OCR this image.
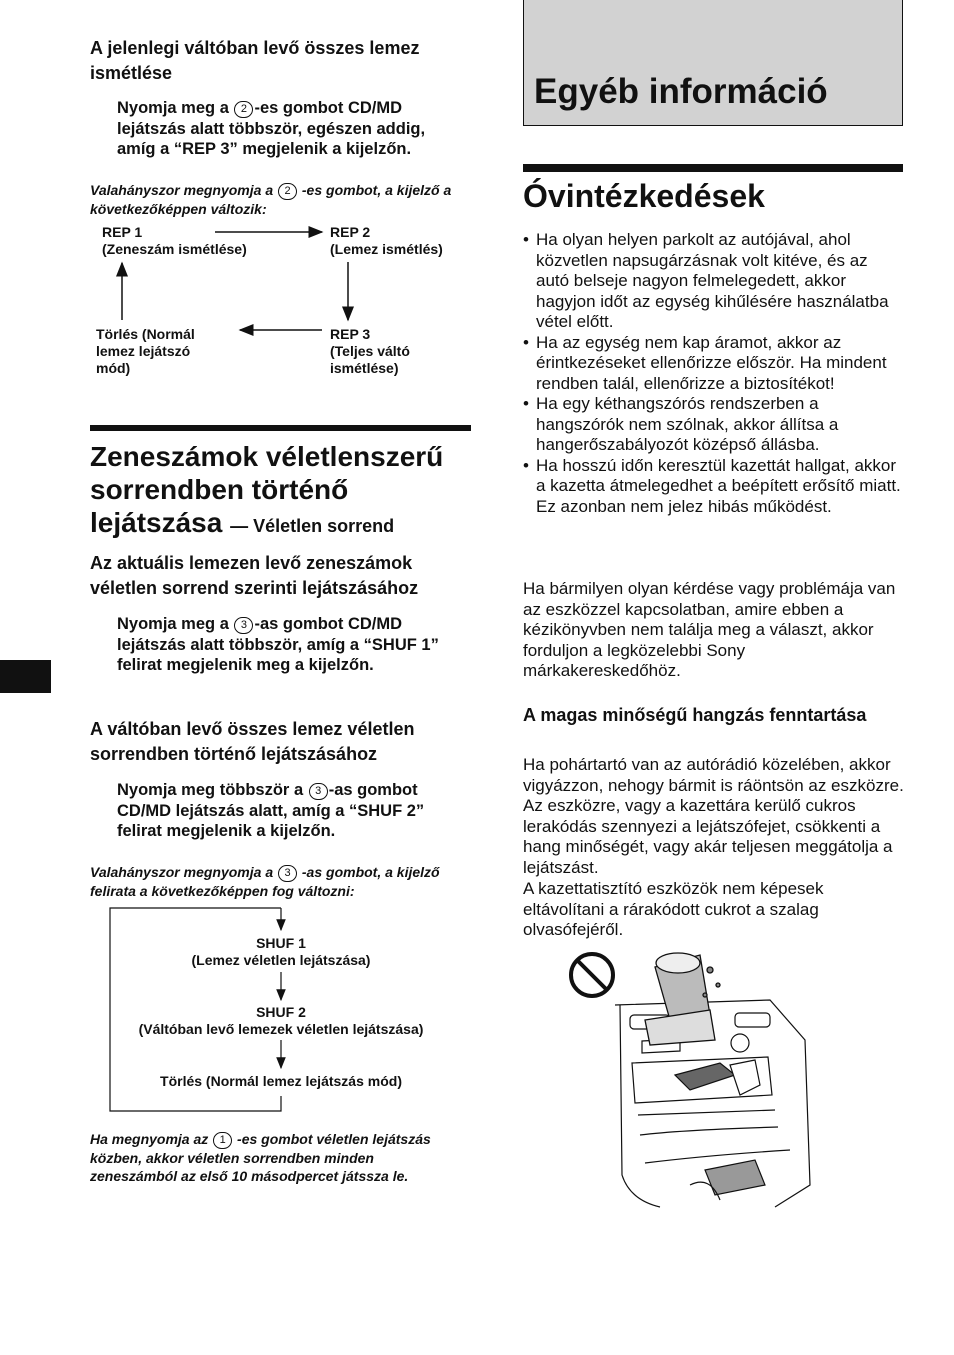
A jelenlegi váltóban levő összes lemez ismétlése
Nyomja meg a 2 -es gombot CD/MD lejátszás alatt többször, egészen addig, amíg a “REP 3” megjelenik a kijelzőn.
Valahányszor megnyomja a 2 -es gombot, a kijelző a következőképpen változik:
REP 1
(Zeneszám ismétlése)
REP 2
(Lemez ismétlés)
REP 3
(Teljes váltó
ismétlése)
Törlés (Normál
lemez lejátszó
mód)
Zeneszámok véletlenszerű sorrendben történő lejátszása — Véletlen sorrend
Az aktuális lemezen levő zeneszámok véletlen sorrend szerinti lejátszásához
Nyomja meg a 3 -as gombot CD/MD lejátszás alatt többször, amíg a “SHUF 1” felirat megjelenik meg a kijelzőn.
A váltóban levő összes lemez véletlen sorrendben történő lejátszásához
Nyomja meg többször a 3 -as gombot CD/MD lejátszás alatt, amíg a “SHUF 2” felirat megjelenik a kijelzőn.
Valahányszor megnyomja a 3 -as gombot, a kijelző felirata a következőképpen fog változni:
SHUF 1
(Lemez véletlen lejátszása)
SHUF 2
(Váltóban levő lemezek véletlen lejátszása)
Törlés (Normál lemez lejátszás mód)
Ha megnyomja az 1 -es gombot véletlen lejátszás közben, akkor véletlen sorrendben minden zeneszámból az első 10 másodpercet játssza le.
Egyéb információ
Óvintézkedések
• Ha olyan helyen parkolt az autójával, ahol közvetlen napsugárzásnak volt kitéve, és az autó belseje nagyon felmelegedett, akkor hagyjon időt az egység kihűlésére használatba vétel előtt.
• Ha az egység nem kap áramot, akkor az érintkezéseket ellenőrizze először. Ha mindent rendben talál, ellenőrizze a biztosítékot!
• Ha egy kéthangszórós rendszerben a hangszórók nem szólnak, akkor állítsa a hangerőszabályozót középső állásba.
• Ha hosszú időn keresztül kazettát hallgat, akkor a kazetta átmelegedhet a beépített erősítő miatt. Ez azonban nem jelez hibás működést.
Ha bármilyen olyan kérdése vagy problémája van az eszközzel kapcsolatban, amire ebben a kézikönyvben nem találja meg a választ, akkor forduljon a legközelebbi Sony márkakereskedőhöz.
A magas minőségű hangzás fenntartása
Ha pohártartó van az autórádió közelében, akkor vigyázzon, nehogy bármit is ráöntsön az eszközre. Az eszközre, vagy a kazettára kerülő cukros lerakódás szennyezi a lejátszófejet, csökkenti a hang minőségét, vagy akár teljesen meggátolja a lejátszást.
A kazettatisztító eszközök nem képesek eltávolítani a rárakódott cukrot a szalag olvasófejéről.
